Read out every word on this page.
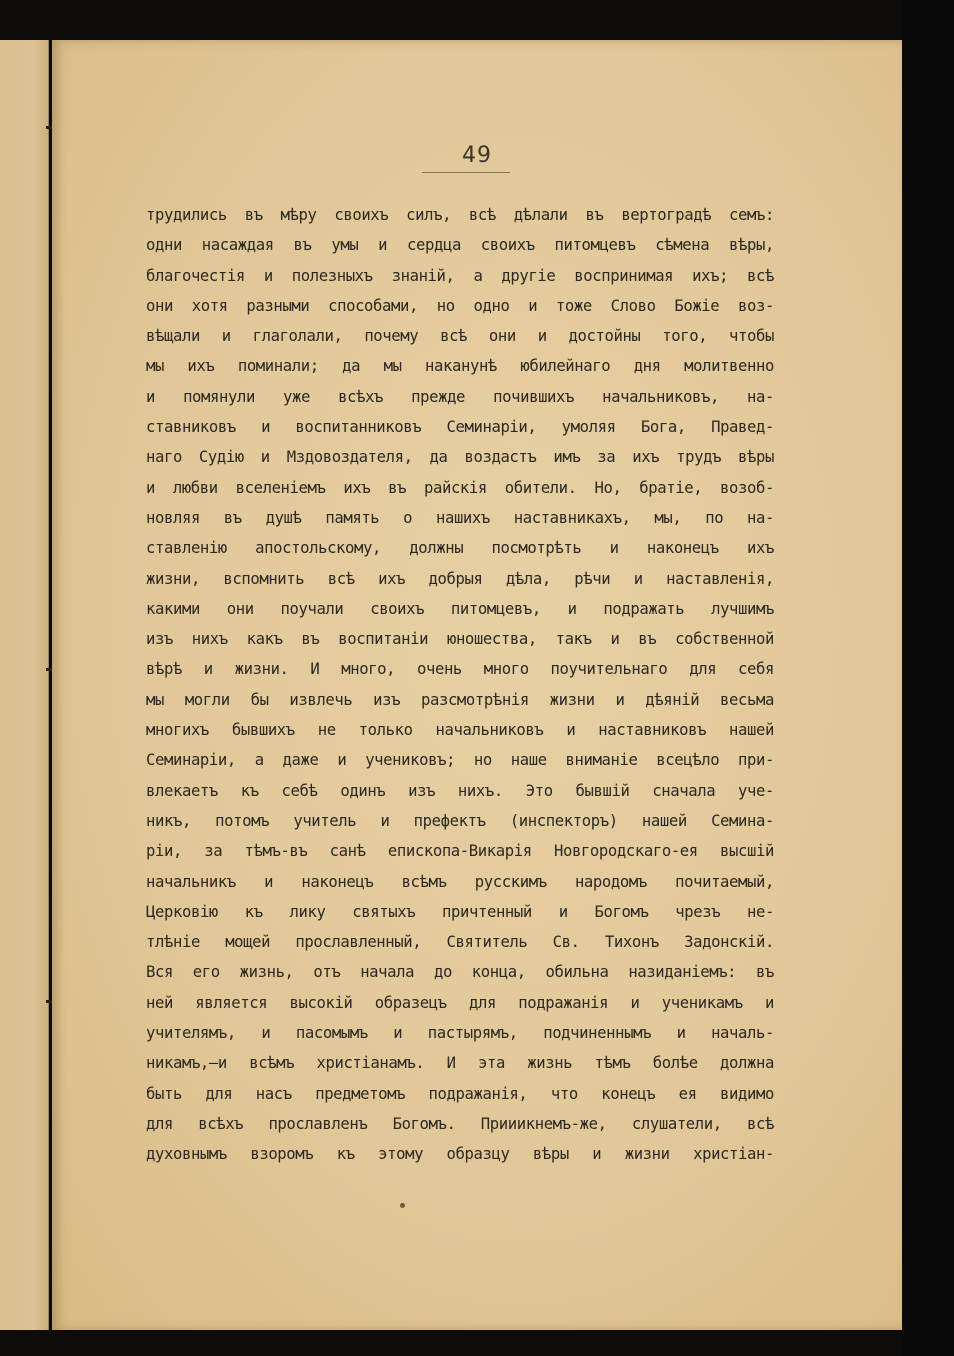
49
трудились въ мѣру своихъ силъ, всѣ дѣлали въ вертоградѣ семъ:
одни насаждая въ умы и сердца своихъ питомцевъ сѣмена вѣры,
благочестія и полезныхъ знаній, а другіе воспринимая ихъ; всѣ
они хотя разными способами, но одно и тоже Слово Божіе воз-
вѣщали и глаголали, почему всѣ они и достойны того, чтобы
мы ихъ поминали; да мы наканунѣ юбилейнаго дня молитвенно
и помянули уже всѣхъ прежде почившихъ начальниковъ, на-
ставниковъ и воспитанниковъ Семинаріи, умоляя Бога, Правед-
наго Судію и Мздовоздателя, да воздастъ имъ за ихъ трудъ вѣры
и любви вселеніемъ ихъ въ райскія обители. Но, братіе, возоб-
новляя въ душѣ память о нашихъ наставникахъ, мы, по на-
ставленію апостольскому, должны посмотрѣть и наконецъ ихъ
жизни, вспомнить всѣ ихъ добрыя дѣла, рѣчи и наставленія,
какими они поучали своихъ питомцевъ, и подражать лучшимъ
изъ нихъ какъ въ воспитаніи юношества, такъ и въ собственной
вѣрѣ и жизни. И много, очень много поучительнаго для себя
мы могли бы извлечь изъ разсмотрѣнія жизни и дѣяній весьма
многихъ бывшихъ не только начальниковъ и наставниковъ нашей
Семинаріи, а даже и учениковъ; но наше вниманіе всецѣло при-
влекаетъ къ себѣ одинъ изъ нихъ. Это бывшій сначала уче-
никъ, потомъ учитель и префектъ (инспекторъ) нашей Семина-
ріи, за тѣмъ-въ санѣ епископа-Викарія Новгородскаго-ея высшій
начальникъ и наконецъ всѣмъ русскимъ народомъ почитаемый,
Церковію къ лику святыхъ причтенный и Богомъ чрезъ не-
тлѣніе мощей прославленный, Святитель Св. Тихонъ Задонскій.
Вся его жизнь, отъ начала до конца, обильна назиданіемъ: въ
ней является высокій образецъ для подражанія и ученикамъ и
учителямъ, и пасомымъ и пастырямъ, подчиненнымъ и началь-
никамъ,—и всѣмъ христіанамъ. И эта жизнь тѣмъ болѣе должна
быть для насъ предметомъ подражанія, что конецъ ея видимо
для всѣхъ прославленъ Богомъ. Прииикнемъ-же, слушатели, всѣ
духовнымъ взоромъ къ этому образцу вѣры и жизни христіан-
